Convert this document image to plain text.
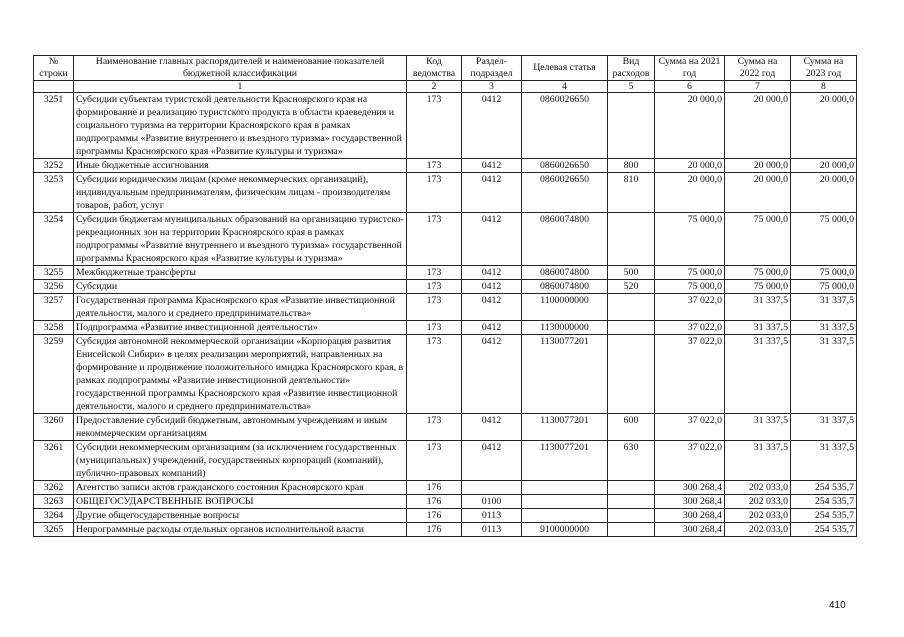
№ строки	Наименование главных распорядителей и наименование показателей бюджетной классификации	Код ведомства	Раздел-подраздел	Целевая статья	Вид расходов	Сумма на 2021 год	Сумма на 2022 год	Сумма на 2023 год
	1	2	3	4	5	6	7	8
3251	Субсидии субъектам туристской деятельности Красноярского края на формирование и реализацию туристского продукта в области краеведения и социального туризма на территории Красноярского края в рамках подпрограммы «Развитие внутреннего и въездного туризма» государственной программы Красноярского края «Развитие культуры и туризма»	173	0412	0860026650		20 000,0	20 000,0	20 000,0
3252	Иные бюджетные ассигнования	173	0412	0860026650	800	20 000,0	20 000,0	20 000,0
3253	Субсидии юридическим лицам (кроме некоммерческих организаций), индивидуальным предпринимателям, физическим лицам - производителям товаров, работ, услуг	173	0412	0860026650	810	20 000,0	20 000,0	20 000,0
3254	Субсидии бюджетам муниципальных образований на организацию туристско-рекреационных зон на территории Красноярского края в рамках подпрограммы «Развитие внутреннего и въездного туризма» государственной программы Красноярского края «Развитие культуры и туризма»	173	0412	0860074800		75 000,0	75 000,0	75 000,0
3255	Межбюджетные трансферты	173	0412	0860074800	500	75 000,0	75 000,0	75 000,0
3256	Субсидии	173	0412	0860074800	520	75 000,0	75 000,0	75 000,0
3257	Государственная программа Красноярского края «Развитие инвестиционной деятельности, малого и среднего предпринимательства»	173	0412	1100000000		37 022,0	31 337,5	31 337,5
3258	Подпрограмма «Развитие инвестиционной деятельности»	173	0412	1130000000		37 022,0	31 337,5	31 337,5
3259	Субсидия автономной некоммерческой организации «Корпорация развития Енисейской Сибири» в целях реализации мероприятий, направленных на формирование и продвижение положительного имиджа Красноярского края, в рамках подпрограммы «Развитие инвестиционной деятельности» государственной программы Красноярского края «Развитие инвестиционной деятельности, малого и среднего предпринимательства»	173	0412	1130077201		37 022,0	31 337,5	31 337,5
3260	Предоставление субсидий бюджетным, автономным учреждениям и иным некоммерческим организациям	173	0412	1130077201	600	37 022,0	31 337,5	31 337,5
3261	Субсидии некоммерческим организациям (за исключением государственных (муниципальных) учреждений, государственных корпораций (компаний), публично-правовых компаний)	173	0412	1130077201	630	37 022,0	31 337,5	31 337,5
3262	Агентство записи актов гражданского состояния Красноярского края	176				300 268,4	202 033,0	254 535,7
3263	ОБЩЕГОСУДАРСТВЕННЫЕ ВОПРОСЫ	176	0100			300 268,4	202 033,0	254 535,7
3264	Другие общегосударственные вопросы	176	0113			300 268,4	202 033,0	254 535,7
3265	Непрограммные расходы отдельных органов исполнительной власти	176	0113	9100000000		300 268,4	202 033,0	254 535,7
410
